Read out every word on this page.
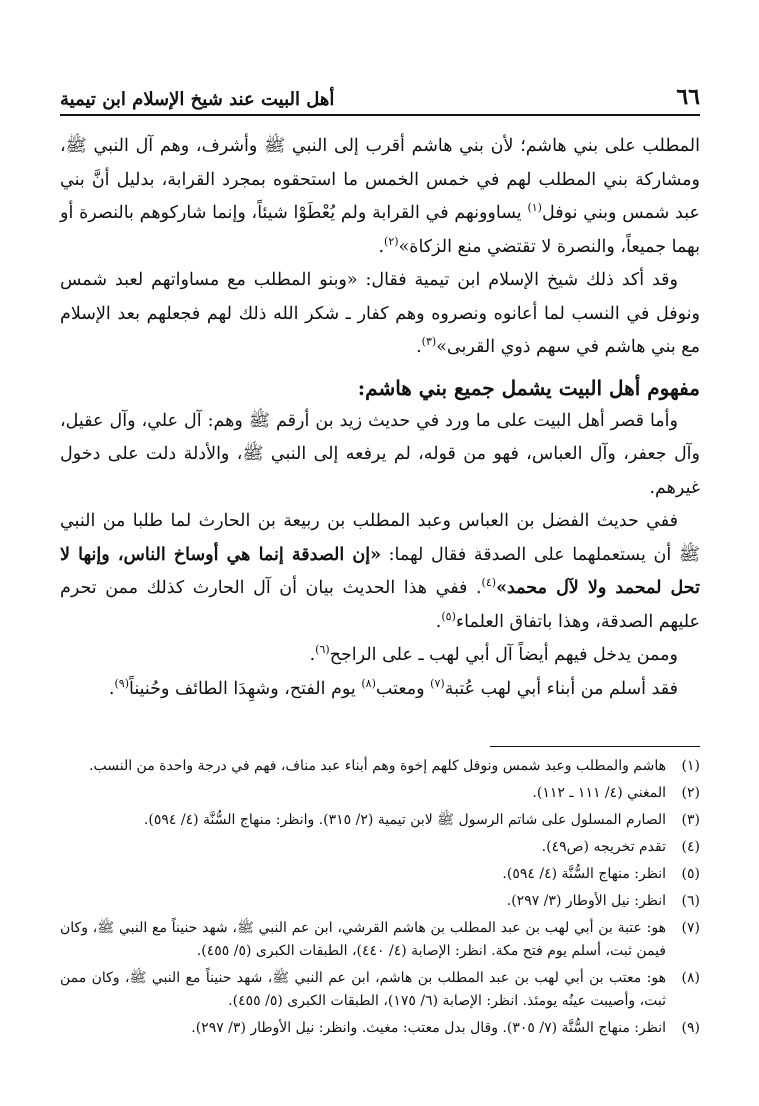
٦٦
أهل البيت عند شيخ الإسلام ابن تيمية

المطلب على بني هاشم؛ لأن بني هاشم أقرب إلى النبي ﷺ وأشرف، وهم آل النبي ﷺ، ومشاركة بني المطلب لهم في خمس الخمس ما استحقوه بمجرد القرابة، بدليل أنَّ بني عبد شمس وبني نوفل$^{(١)}$ يساوونهم في القرابة ولم يُعْطَوْا شيئاً، وإنما شاركوهم بالنصرة أو بهما جميعاً، والنصرة لا تقتضي منع الزكاة»$^{(٢)}$.

وقد أكد ذلك شيخ الإسلام ابن تيمية فقال: «وبنو المطلب مع مساواتهم لعبد شمس ونوفل في النسب لما أعانوه ونصروه وهم كفار ـ شكر الله ذلك لهم فجعلهم بعد الإسلام مع بني هاشم في سهم ذوي القربى»$^{(٣)}$.

مفهوم أهل البيت يشمل جميع بني هاشم:

وأما قصر أهل البيت على ما ورد في حديث زيد بن أرقم ﷺ وهم: آل علي، وآل عقيل، وآل جعفر، وآل العباس، فهو من قوله، لم يرفعه إلى النبي ﷺ، والأدلة دلت على دخول غيرهم.

ففي حديث الفضل بن العباس وعبد المطلب بن ربيعة بن الحارث لما طلبا من النبي ﷺ أن يستعملهما على الصدقة فقال لهما: «إن الصدقة إنما هي أوساخ الناس، وإنها لا تحل لمحمد ولا لآل محمد»$^{(٤)}$. ففي هذا الحديث بيان أن آل الحارث كذلك ممن تحرم عليهم الصدقة، وهذا باتفاق العلماء$^{(٥)}$.

وممن يدخل فيهم أيضاً آل أبي لهب ـ على الراجح$^{(٦)}$.

فقد أسلم من أبناء أبي لهب عُتبة$^{(٧)}$ ومعتب$^{(٨)}$ يوم الفتح، وشهِدَا الطائف وحُنيناً$^{(٩)}$.

(١)
هاشم والمطلب وعبد شمس ونوفل كلهم إخوة وهم أبناء عبد مناف، فهم في درجة واحدة من النسب.
(٢)
المغني (٤/ ١١١ ـ ١١٢).
(٣)
الصارم المسلول على شاتم الرسول ﷺ لابن تيمية (٢/ ٣١٥). وانظر: منهاج السُّنَّة (٤/ ٥٩٤).
(٤)
تقدم تخريجه (ص٤٩).
(٥)
انظر: منهاج السُّنَّة (٤/ ٥٩٤).
(٦)
انظر: نيل الأوطار (٣/ ٢٩٧).
(٧)
هو: عتبة بن أبي لهب بن عبد المطلب بن هاشم القرشي، ابن عم النبي ﷺ، شهد حنيناً مع النبي ﷺ، وكان فيمن ثبت، أسلم يوم فتح مكة. انظر: الإصابة (٤/ ٤٤٠)، الطبقات الكبرى (٥/ ٤٥٥).
(٨)
هو: معتب بن أبي لهب بن عبد المطلب بن هاشم، ابن عم النبي ﷺ، شهد حنيناً مع النبي ﷺ، وكان ممن ثبت، وأصيبت عينُه يومئذ. انظر: الإصابة (٦/ ١٧٥)، الطبقات الكبرى (٥/ ٤٥٥).
(٩)
انظر: منهاج السُّنَّة (٧/ ٣٠٥). وقال بدل معتب: مغيث. وانظر: نيل الأوطار (٣/ ٢٩٧).
